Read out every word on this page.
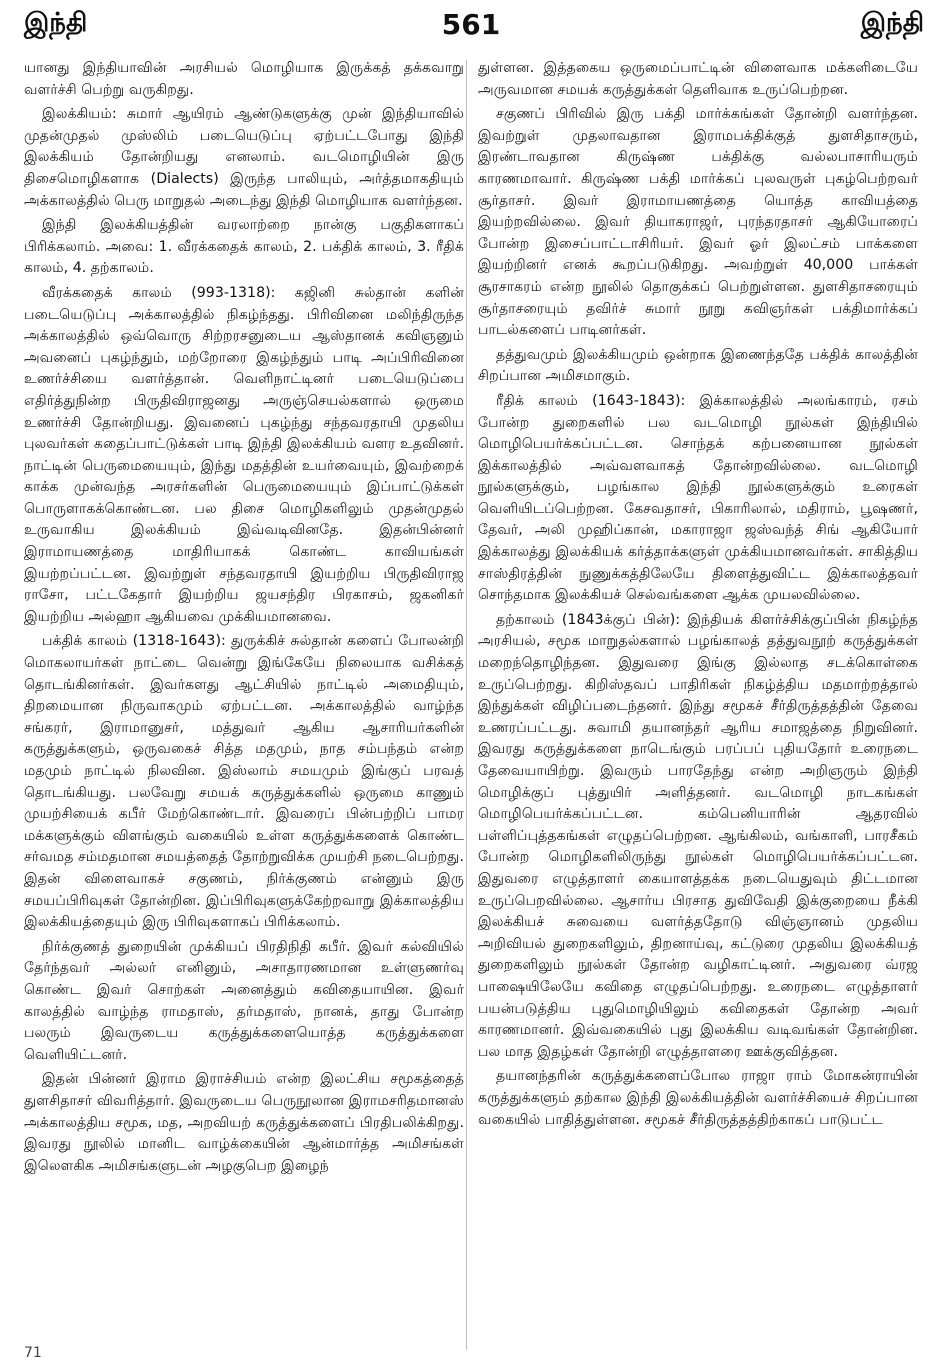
இந்தி	561	இந்தி

யானது இந்தியாவின் அரசியல் மொழியாக இருக்கத் தக்கவாறு வளர்ச்சி பெற்று வருகிறது.

இலக்கியம்: சுமார் ஆயிரம் ஆண்டுகளுக்கு முன் இந்தியாவில் முதன்முதல் முஸ்லிம் படையெடுப்பு ஏற்பட்டபோது இந்தி இலக்கியம் தோன்றியது எனலாம். வடமொழியின் இரு திசைமொழிகளாக (Dialects) இருந்த பாலியும், அர்த்தமாகதியும் அக்காலத்தில் பெரு மாறுதல் அடைந்து இந்தி மொழியாக வளர்ந்தன.

இந்தி இலக்கியத்தின் வரலாற்றை நான்கு பகுதிகளாகப் பிரிக்கலாம். அவை: 1. வீரக்கதைக் காலம், 2. பக்திக் காலம், 3. ரீதிக் காலம், 4. தற்காலம்.

வீரக்கதைக் காலம் (993-1318): கஜினி சுல்தான் களின் படையெடுப்பு அக்காலத்தில் நிகழ்ந்தது. பிரிவினை மலிந்திருந்த அக்காலத்தில் ஒவ்வொரு சிற்றரசனுடைய ஆஸ்தானக் கவிஞனும் அவனைப் புகழ்ந்தும், மற்றோரை இகழ்ந்தும் பாடி அப்பிரிவினை உணர்ச்சியை வளர்த்தான். வெளிநாட்டினர் படையெடுப்பை எதிர்த்துநின்ற பிருதிவிராஜனது அருஞ்செயல்களால் ஒருமை உணர்ச்சி தோன்றியது. இவனைப் புகழ்ந்து சந்தவரதாயி முதலிய புலவர்கள் கதைப்பாட்டுக்கள் பாடி இந்தி இலக்கியம் வளர உதவினர். நாட்டின் பெருமையையும், இந்து மதத்தின் உயர்வையும், இவற்றைக் காக்க முன்வந்த அரசர்களின் பெருமையையும் இப்பாட்டுக்கள் பொருளாகக்கொண்டன. பல திசை மொழிகளிலும் முதன்முதல் உருவாகிய இலக்கியம் இவ்வடிவினதே. இதன்பின்னர் இராமாயணத்தை மாதிரியாகக் கொண்ட காவியங்கள் இயற்றப்பட்டன. இவற்றுள் சந்தவரதாயி இயற்றிய பிருதிவிராஜ ராசோ, பட்டகேதார் இயற்றிய ஜயசந்திர பிரகாசம், ஜகனிகர் இயற்றிய அல்ஹா ஆகியவை முக்கியமானவை.

பக்திக் காலம் (1318-1643): துருக்கிச் சுல்தான் களைப் போலன்றி மொகலாயர்கள் நாட்டை வென்று இங்கேயே நிலையாக வசிக்கத் தொடங்கினர்கள். இவர்களது ஆட்சியில் நாட்டில் அமைதியும், திறமையான நிருவாகமும் ஏற்பட்டன. அக்காலத்தில் வாழ்ந்த சங்கரர், இராமானுசர், மத்துவர் ஆகிய ஆசாரியர்களின் கருத்துக்களும், ஒருவகைச் சித்த மதமும், நாத சம்பந்தம் என்ற மதமும் நாட்டில் நிலவின. இஸ்லாம் சமயமும் இங்குப் பரவத் தொடங்கியது. பலவேறு சமயக் கருத்துக்களில் ஒருமை காணும் முயற்சியைக் கபீர் மேற்கொண்டார். இவரைப் பின்பற்றிப் பாமர மக்களுக்கும் விளங்கும் வகையில் உள்ள கருத்துக்களைக் கொண்ட சர்வமத சம்மதமான சமயத்தைத் தோற்றுவிக்க முயற்சி நடைபெற்றது. இதன் விளைவாகச் சகுணம், நிர்க்குணம் என்னும் இரு சமயப்பிரிவுகள் தோன்றின. இப்பிரிவுகளுக்கேற்றவாறு இக்காலத்திய இலக்கியத்தையும் இரு பிரிவுகளாகப் பிரிக்கலாம்.

நிர்க்குணத் துறையின் முக்கியப் பிரதிநிதி கபீர். இவர் கல்வியில் தேர்ந்தவர் அல்லர் எனினும், அசாதாரணமான உள்ளுணர்வு கொண்ட இவர் சொற்கள் அனைத்தும் கவிதையாயின. இவர் காலத்தில் வாழ்ந்த ராமதாஸ், தர்மதாஸ், நானக், தாது போன்ற பலரும் இவருடைய கருத்துக்களையொத்த கருத்துக்களை வெளியிட்டனர்.

இதன் பின்னர் இராம இராச்சியம் என்ற இலட்சிய சமூகத்தைத் துளசிதாசர் விவரித்தார். இவருடைய பெருநூலான இராமசரிதமானஸ் அக்காலத்திய சமூக, மத, அறவியற் கருத்துக்களைப் பிரதிபலிக்கிறது. இவரது நூலில் மானிட வாழ்க்கையின் ஆன்மார்த்த அமிசங்கள் இலௌகிக அமிசங்களுடன் அழகுபெற இழைந்

துள்ளன. இத்தகைய ஒருமைப்பாட்டின் விளைவாக மக்களிடையே அருவமான சமயக் கருத்துக்கள் தெளிவாக உருப்பெற்றன.

சகுணப் பிரிவில் இரு பக்தி மார்க்கங்கள் தோன்றி வளர்ந்தன. இவற்றுள் முதலாவதான இராமபக்திக்குத் துளசிதாசரும், இரண்டாவதான கிருஷ்ண பக்திக்கு வல்லபாசாரியரும் காரணமாவார். கிருஷ்ண பக்தி மார்க்கப் புலவருள் புகழ்பெற்றவர் சூர்தாசர். இவர் இராமாயணத்தை யொத்த காவியத்தை இயற்றவில்லை. இவர் தியாகராஜர், புரந்தரதாசர் ஆகியோரைப் போன்ற இசைப்பாட்டாசிரியர். இவர் ஓர் இலட்சம் பாக்களை இயற்றினர் எனக் கூறப்படுகிறது. அவற்றுள் 40,000 பாக்கள் சூரசாகரம் என்ற நூலில் தொகுக்கப் பெற்றுள்ளன. துளசிதாசரையும் சூர்தாசரையும் தவிர்ச் சுமார் நூறு கவிஞர்கள் பக்திமார்க்கப் பாடல்களைப் பாடினர்கள்.

தத்துவமும் இலக்கியமும் ஒன்றாக இணைந்ததே பக்திக் காலத்தின் சிறப்பான அமிசமாகும்.

ரீதிக் காலம் (1643-1843): இக்காலத்தில் அலங்காரம், ரசம் போன்ற துறைகளில் பல வடமொழி நூல்கள் இந்தியில் மொழிபெயர்க்கப்பட்டன. சொந்தக் கற்பனையான நூல்கள் இக்காலத்தில் அவ்வளவாகத் தோன்றவில்லை. வடமொழி நூல்களுக்கும், பழங்கால இந்தி நூல்களுக்கும் உரைகள் வெளியிடப்பெற்றன. கேசவதாசர், பிகாரிலால், மதிராம், பூஷணர், தேவர், அலி முஹிப்கான், மகாராஜா ஜஸ்வந்த் சிங் ஆகியோர் இக்காலத்து இலக்கியக் கர்த்தாக்களுள் முக்கியமானவர்கள். சாகித்திய சாஸ்திரத்தின் நுணுக்கத்திலேயே திளைத்துவிட்ட இக்காலத்தவர் சொந்தமாக இலக்கியச் செல்வங்களை ஆக்க முயலவில்லை.

தற்காலம் (1843க்குப் பின்): இந்தியக் கிளர்ச்சிக்குப்பின் நிகழ்ந்த அரசியல், சமூக மாறுதல்களால் பழங்காலத் தத்துவநூற் கருத்துக்கள் மறைந்தொழிந்தன. இதுவரை இங்கு இல்லாத சடக்கொள்கை உருப்பெற்றது. கிறிஸ்தவப் பாதிரிகள் நிகழ்த்திய மதமாற்றத்தால் இந்துக்கள் விழிப்படைந்தனர். இந்து சமூகச் சீர்திருத்தத்தின் தேவை உணரப்பட்டது. சுவாமி தயானந்தர் ஆரிய சமாஜத்தை நிறுவினர். இவரது கருத்துக்களை நாடெங்கும் பரப்பப் புதியதோர் உரைநடை தேவையாயிற்று. இவரும் பாரதேந்து என்ற அறிஞரும் இந்தி மொழிக்குப் புத்துயிர் அளித்தனர். வடமொழி நாடகங்கள் மொழிபெயர்க்கப்பட்டன. கம்பெனியாரின் ஆதரவில் பள்ளிப்புத்தகங்கள் எழுதப்பெற்றன. ஆங்கிலம், வங்காளி, பாரசீகம் போன்ற மொழிகளிலிருந்து நூல்கள் மொழிபெயர்க்கப்பட்டன. இதுவரை எழுத்தாளர் கையாளத்தக்க நடையெதுவும் திட்டமான உருப்பெறவில்லை. ஆசார்ய பிரசாத துவிவேதி இக்குறையை நீக்கி இலக்கியச் சுவையை வளர்த்ததோடு விஞ்ஞானம் முதலிய அறிவியல் துறைகளிலும், திறனாய்வு, கட்டுரை முதலிய இலக்கியத் துறைகளிலும் நூல்கள் தோன்ற வழிகாட்டினர். அதுவரை வ்ரஜ பாஷையிலேயே கவிதை எழுதப்பெற்றது. உரைநடை எழுத்தாளர் பயன்படுத்திய புதுமொழியிலும் கவிதைகள் தோன்ற அவர் காரணமானர். இவ்வகையில் புது இலக்கிய வடிவங்கள் தோன்றின. பல மாத இதழ்கள் தோன்றி எழுத்தாளரை ஊக்குவித்தன.

தயானந்தரின் கருத்துக்களைப்போல ராஜா ராம் மோகன்ராயின் கருத்துக்களும் தற்கால இந்தி இலக்கியத்தின் வளர்ச்சியைச் சிறப்பான வகையில் பாதித்துள்ளன. சமூகச் சீர்திருத்தத்திற்காகப் பாடுபட்ட

71
